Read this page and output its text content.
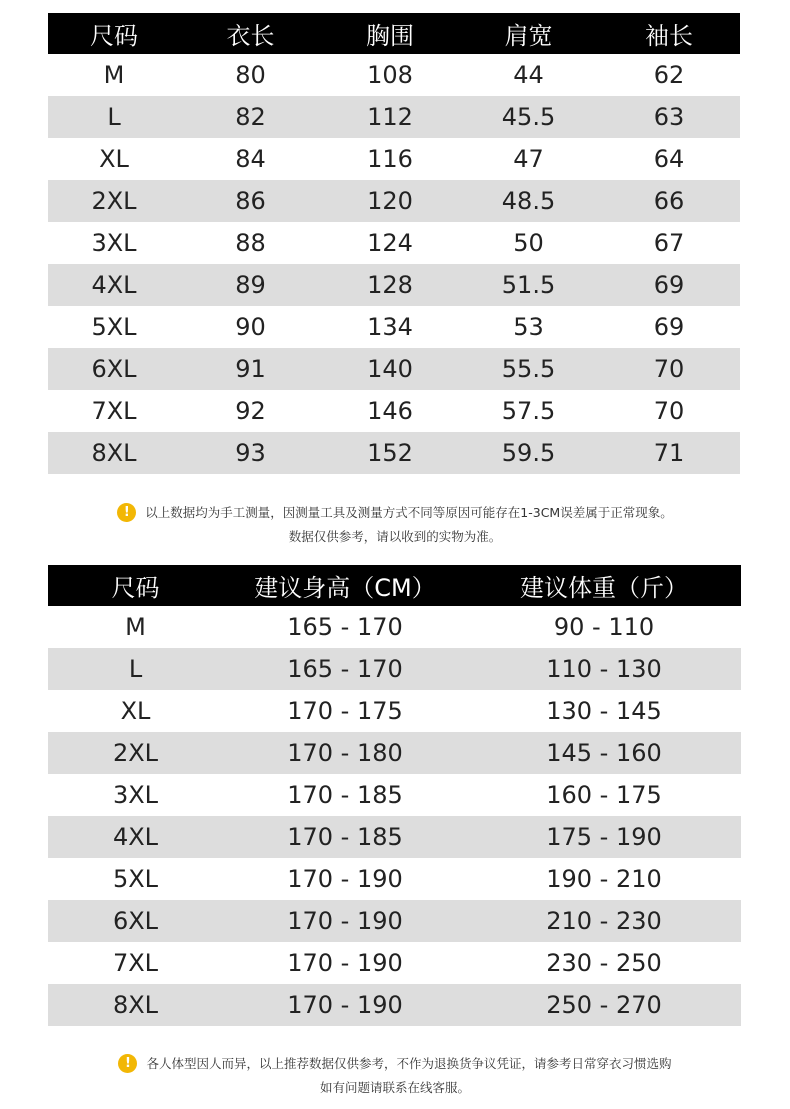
尺码	衣长	胸围	肩宽	袖长
M	80	108	44	62
L	82	112	45.5	63
XL	84	116	47	64
2XL	86	120	48.5	66
3XL	88	124	50	67
4XL	89	128	51.5	69
5XL	90	134	53	69
6XL	91	140	55.5	70
7XL	92	146	57.5	70
8XL	93	152	59.5	71
! 以上数据均为手工测量，因测量工具及测量方式不同等原因可能存在1-3CM误差属于正常现象。
数据仅供参考，请以收到的实物为准。
尺码	建议身高（CM）	建议体重（斤）
M	165 - 170	90 - 110
L	165 - 170	110 - 130
XL	170 - 175	130 - 145
2XL	170 - 180	145 - 160
3XL	170 - 185	160 - 175
4XL	170 - 185	175 - 190
5XL	170 - 190	190 - 210
6XL	170 - 190	210 - 230
7XL	170 - 190	230 - 250
8XL	170 - 190	250 - 270
! 各人体型因人而异，以上推荐数据仅供参考，不作为退换货争议凭证，请参考日常穿衣习惯选购
如有问题请联系在线客服。
